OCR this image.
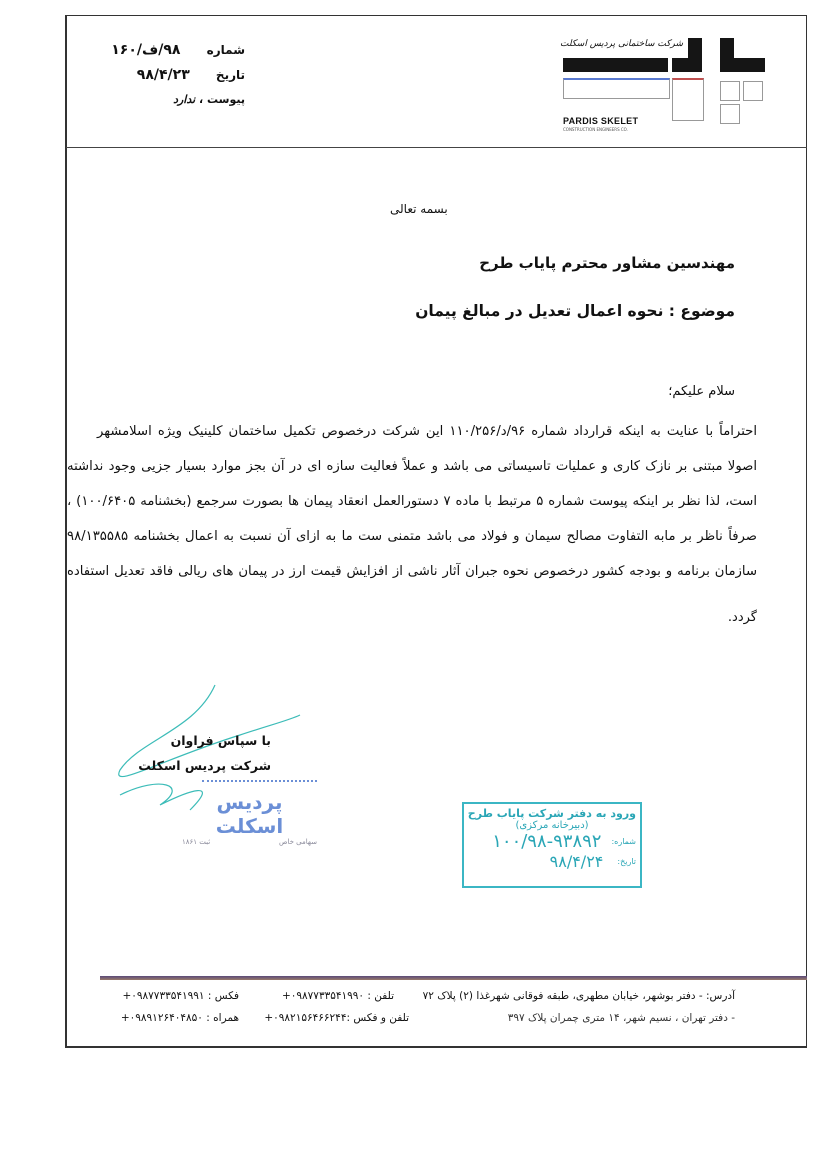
شماره ۹۸/ف/۱۶۰
تاریخ ۹۸/۴/۲۳
پیوست ، ندارد
شرکت ساختمانی پردیس اسکلت
PARDIS SKELET
CONSTRUCTION ENGINEERS CO.
بسمه تعالی
مهندسین مشاور محترم پایاب طرح
موضوع : نحوه اعمال تعدیل در مبالغ پیمان
سلام علیکم؛
احتراماً با عنایت به اینکه قرارداد شماره ۹۶/د/۱۱۰/۲۵۶ این شرکت درخصوص تکمیل ساختمان کلینیک ویژه اسلامشهر
اصولا مبتنی بر نازک کاری و عملیات تاسیساتی می باشد و عملاً فعالیت سازه ای در آن بجز موارد بسیار جزیی وجود نداشته
است، لذا نظر بر اینکه پیوست شماره ۵ مرتبط با ماده ۷ دستورالعمل انعقاد پیمان ها بصورت سرجمع (بخشنامه ۱۰۰/۶۴۰۵) ،
صرفاً ناظر بر مابه التفاوت مصالح سیمان و فولاد می باشد متمنی ست ما به ازای آن نسبت به اعمال بخشنامه ۹۸/۱۳۵۵۸۵
سازمان برنامه و بودجه کشور درخصوص نحوه جبران آثار ناشی از افزایش قیمت ارز در پیمان های ریالی فاقد تعدیل استفاده
گردد.
با سپاس فراوان
شرکت پردیس اسکلت
پردیس اسکلت
سهامی خاص
ثبت ۱۸۶۱
ورود به دفتر شرکت پایاب طرح
(دبیرخانه مرکزی)
شماره:
۱۰۰/۹۸-۹۳۸۹۲
تاریخ:
۹۸/۴/۲۴
آدرس: - دفتر بوشهر، خیابان مطهری، طبقه فوقانی شهرغذا (۲) پلاک ۷۲
تلفن : ۰۹۸۷۷۳۳۵۴۱۹۹۰+
فکس : ۰۹۸۷۷۳۳۵۴۱۹۹۱+
- دفتر تهران ، نسیم شهر، ۱۴ متری چمران پلاک ۳۹۷
تلفن و فکس :۰۹۸۲۱۵۶۴۶۶۲۴۴+
همراه : ۰۹۸۹۱۲۶۴۰۴۸۵۰+
